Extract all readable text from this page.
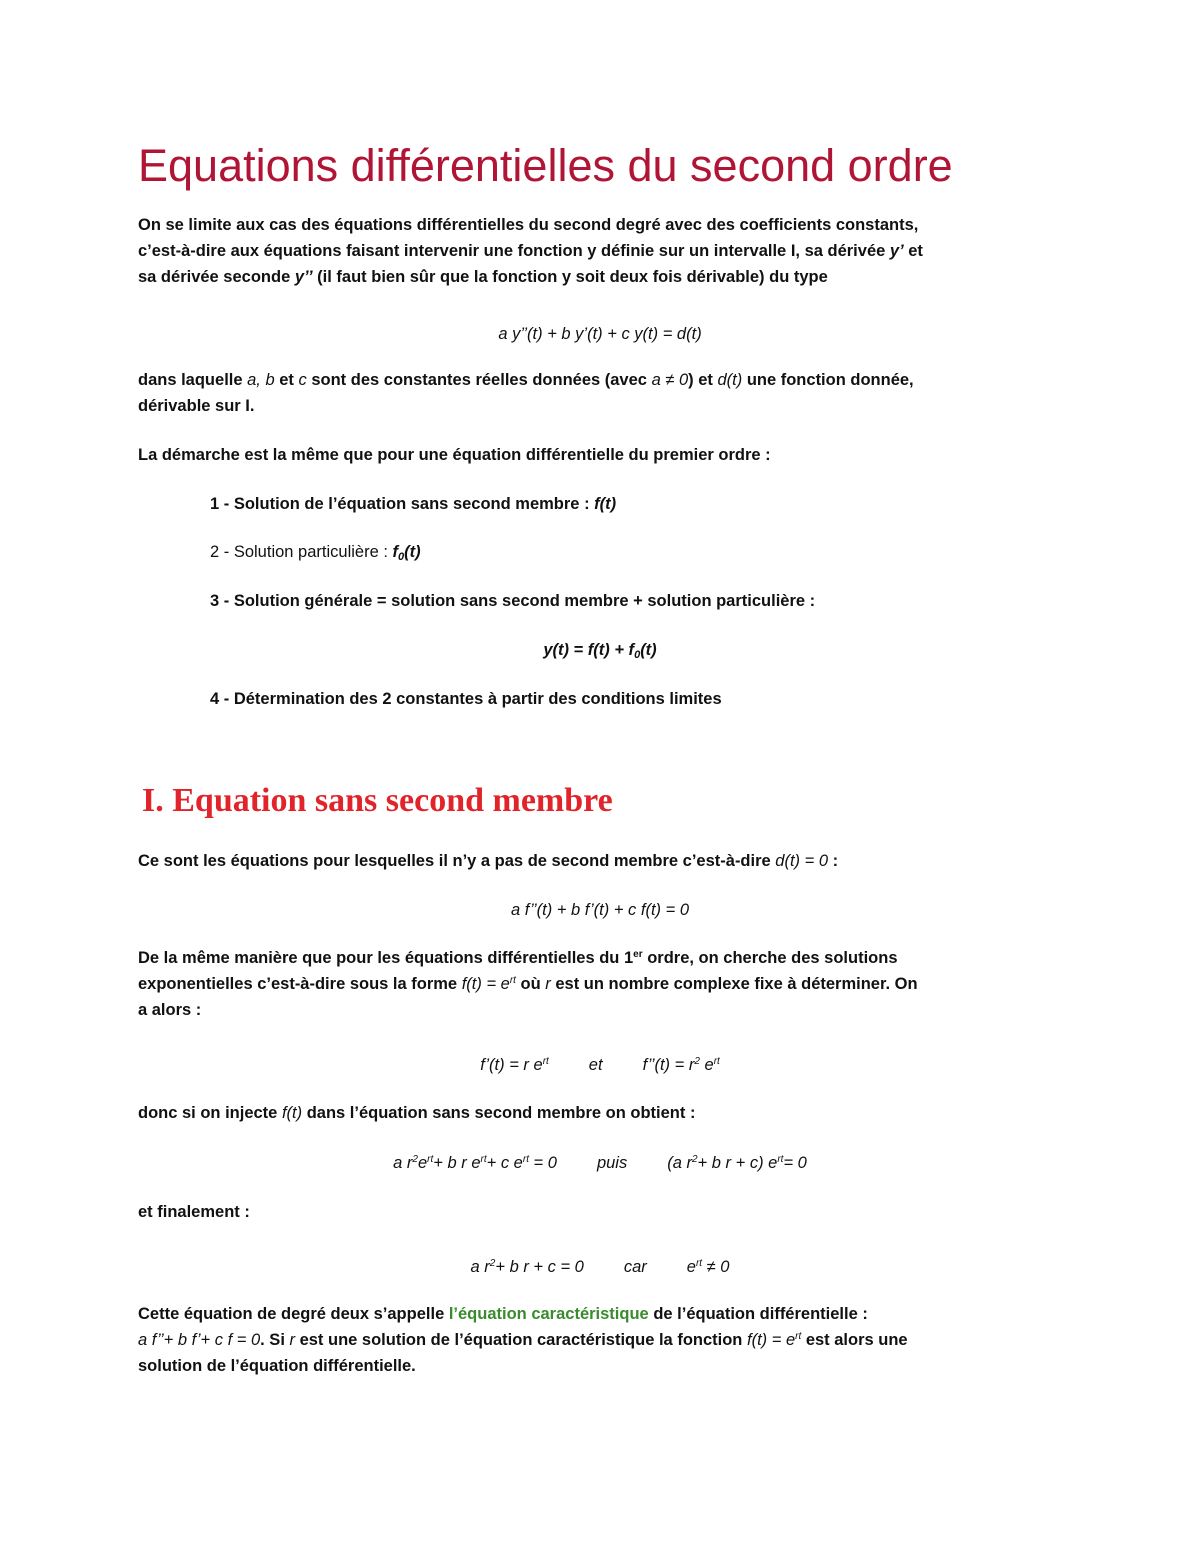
Equations différentielles du second ordre

On se limite aux cas des équations différentielles du second degré avec des coefficients constants,
c’est-à-dire aux équations faisant intervenir une fonction y définie sur un intervalle I, sa dérivée y’ et
sa dérivée seconde y’’ (il faut bien sûr que la fonction y soit deux fois dérivable) du type

a y’’(t) + b y’(t) + c y(t) = d(t)

dans laquelle a, b et c sont des constantes réelles données (avec a ≠ 0) et d(t) une fonction donnée,
dérivable sur I.

La démarche est la même que pour une équation différentielle du premier ordre :

1 - Solution de l’équation sans second membre : f(t)

2 - Solution particulière : $f_0(t)$

3 - Solution générale = solution sans second membre + solution particulière :

$y(t) = f(t) + f_0(t)$

4 - Détermination des 2 constantes à partir des conditions limites

I. Equation sans second membre

Ce sont les équations pour lesquelles il n’y a pas de second membre c’est-à-dire d(t) = 0 :

a f’’(t) + b f’(t) + c f(t) = 0

De la même manière que pour les équations différentielles du 1er ordre, on cherche des solutions
exponentielles c’est-à-dire sous la forme $f(t) = e^{rt}$ où r est un nombre complexe fixe à déterminer. On
a alors :

f’(t) = r $e^{rt}$ et f’’(t) = $r^2$ $e^{rt}$

donc si on injecte f(t) dans l’équation sans second membre on obtient :

a $r^2e^{rt}+ b$ r $e^{rt}+ c$ $e^{rt} = 0$ puis (a $r^2+ b$ r + c) $e^{rt}= 0$

et finalement :

a $r^2+ b$ r + c = 0 car $e^{rt} \ne 0$

Cette équation de degré deux s’appelle l’équation caractéristique de l’équation différentielle :
a f’’+ b f’+ c f = 0. Si r est une solution de l’équation caractéristique la fonction $f(t) = e^{rt}$ est alors une
solution de l’équation différentielle.
